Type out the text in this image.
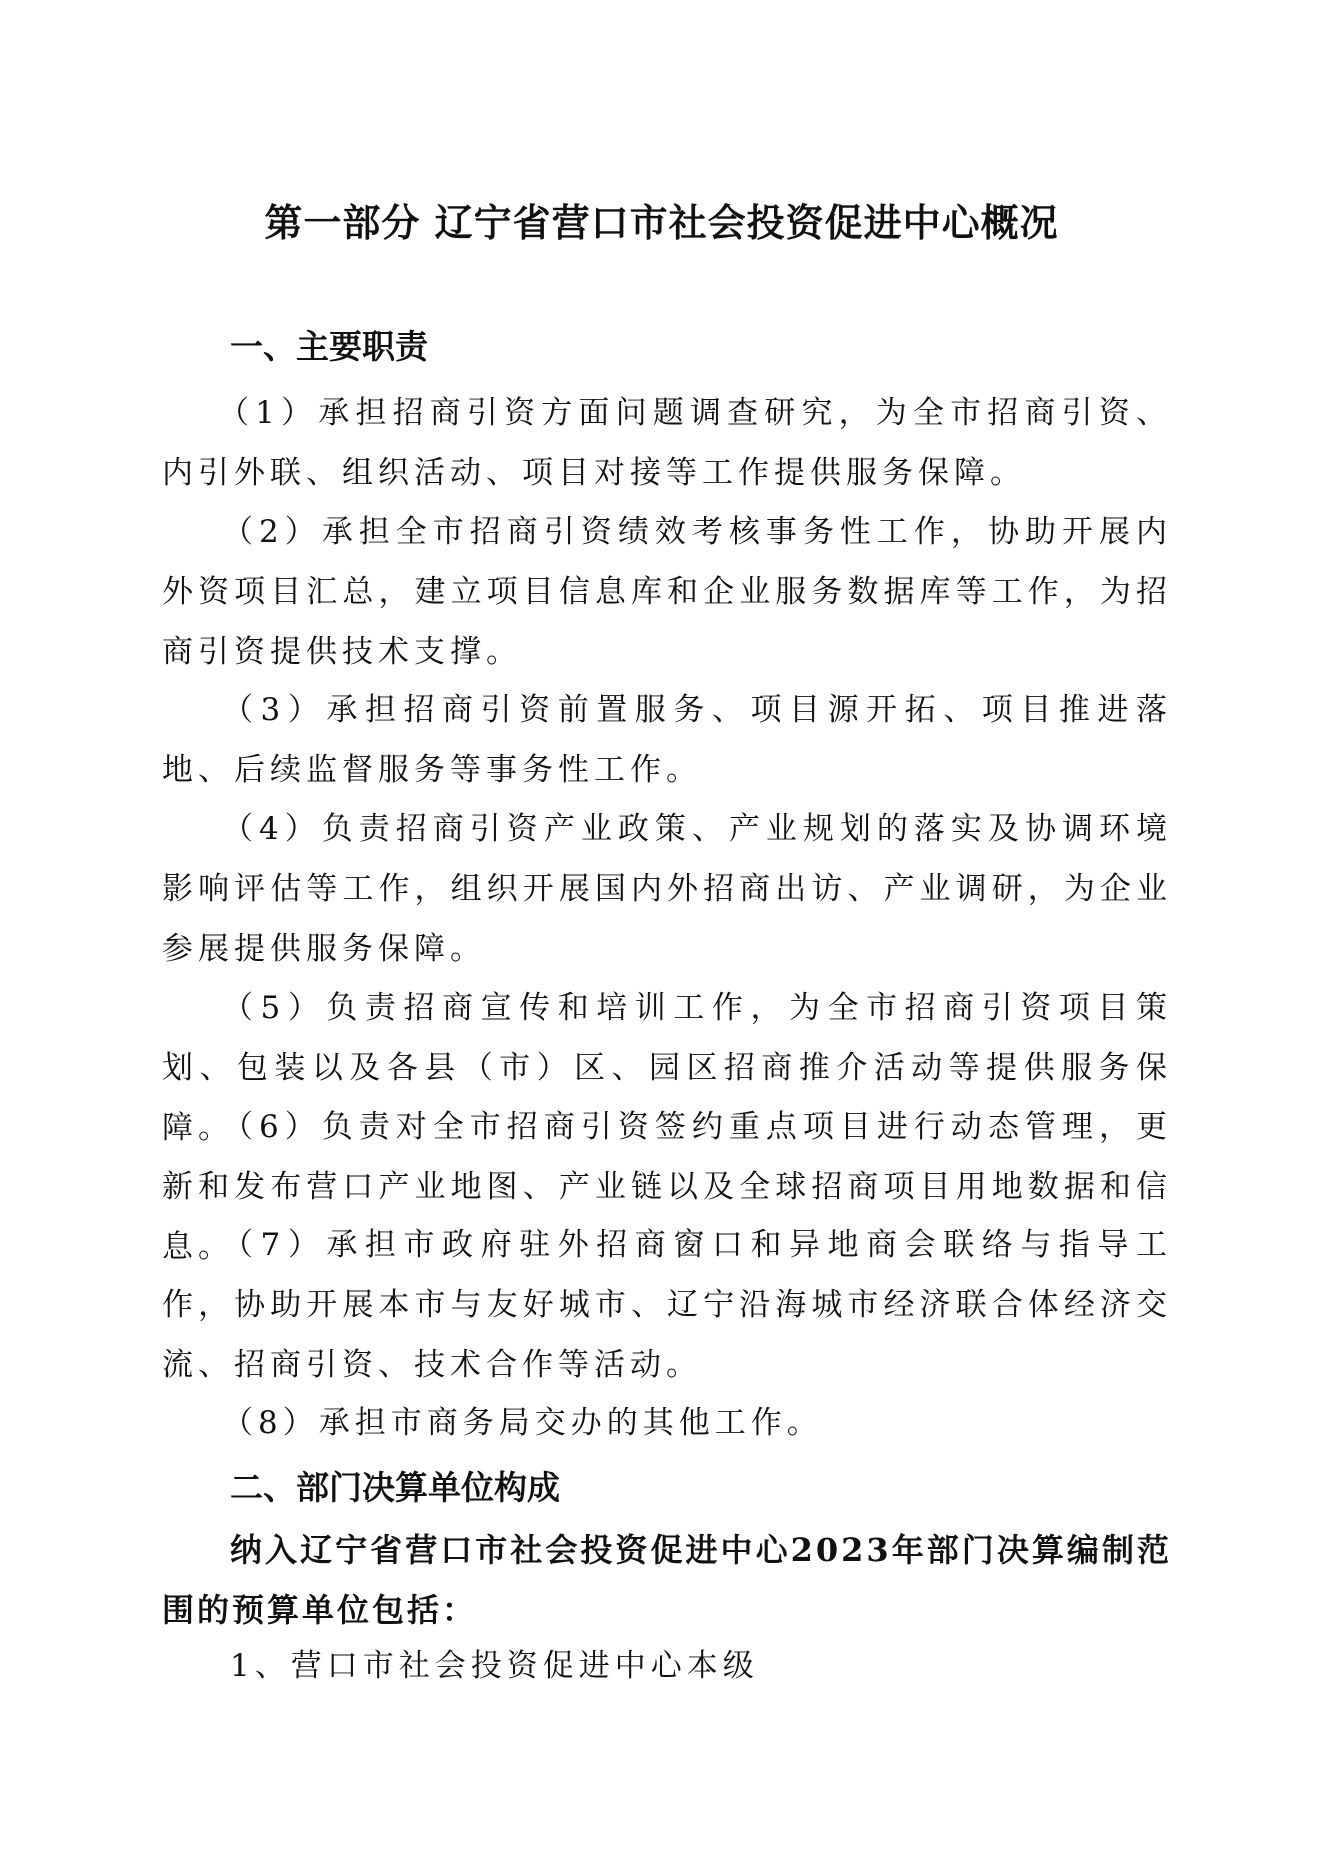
第一部分 辽宁省营口市社会投资促进中心概况
一、主要职责

（1）承担招商引资方面问题调查研究，为全市招商引资、内引外联、组织活动、项目对接等工作提供服务保障。

（2）承担全市招商引资绩效考核事务性工作，协助开展内外资项目汇总，建立项目信息库和企业服务数据库等工作，为招商引资提供技术支撑。

（3）承担招商引资前置服务、项目源开拓、项目推进落地、后续监督服务等事务性工作。

（4）负责招商引资产业政策、产业规划的落实及协调环境影响评估等工作，组织开展国内外招商出访、产业调研，为企业参展提供服务保障。

（5）负责招商宣传和培训工作，为全市招商引资项目策划、包装以及各县（市）区、园区招商推介活动等提供服务保障。

（6）负责对全市招商引资签约重点项目进行动态管理，更新和发布营口产业地图、产业链以及全球招商项目用地数据和信息。

（7）承担市政府驻外招商窗口和异地商会联络与指导工作，协助开展本市与友好城市、辽宁沿海城市经济联合体经济交流、招商引资、技术合作等活动。

（8）承担市商务局交办的其他工作。

二、部门决算单位构成

纳入辽宁省营口市社会投资促进中心2023年部门决算编制范围的预算单位包括：

1、营口市社会投资促进中心本级
